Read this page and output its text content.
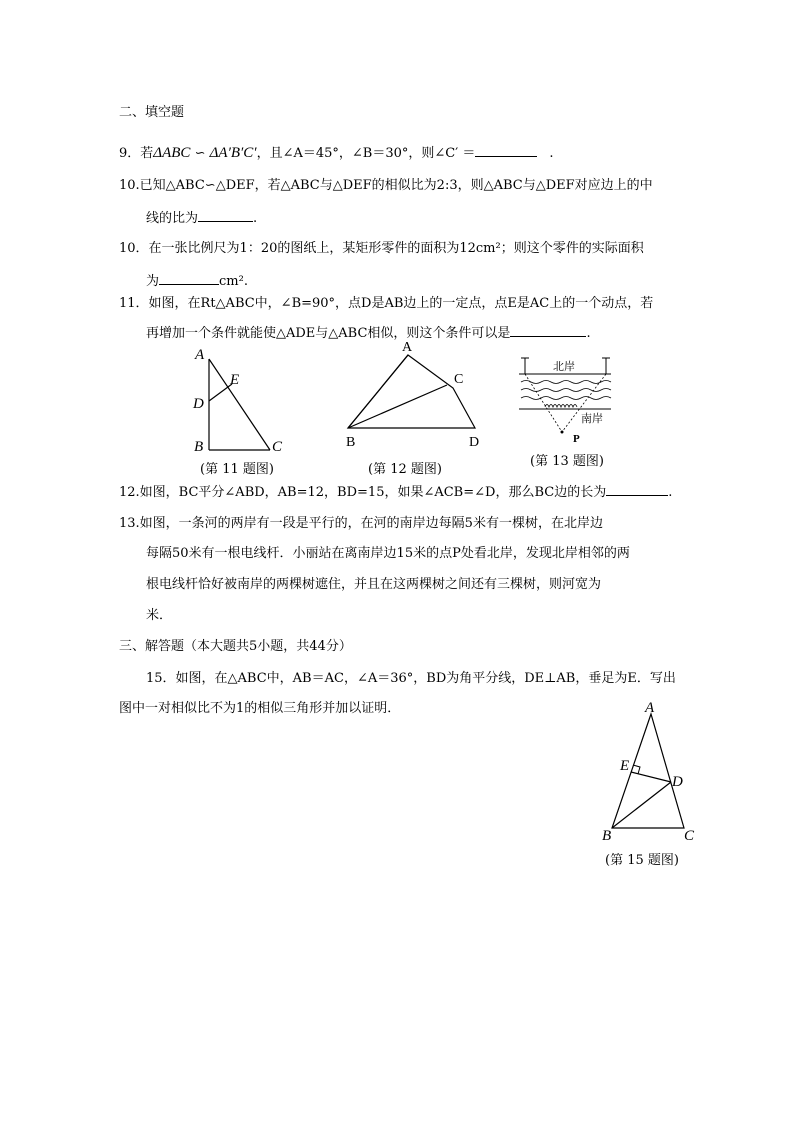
二、填空题
9．若ΔABC ∽ ΔA′B′C′，且∠A＝45°，∠B＝30°，则∠C′ ＝	.
10.已知△ABC∽△DEF，若△ABC与△DEF的相似比为2:3，则△ABC与△DEF对应边上的中
线的比为	.
10．在一张比例尺为1：20的图纸上，某矩形零件的面积为12cm²；则这个零件的实际面积
为	cm².
11．如图，在Rt△ABC中，∠B=90°，点D是AB边上的一定点，点E是AC上的一个动点，若
再增加一个条件就能使△ADE与△ABC相似，则这个条件可以是	.
A
E
D
B	C
(第 11 题图)
A
C
B	D
(第 12 题图)
北岸
南岸
P
(第 13 题图)
12.如图，BC平分∠ABD，AB=12，BD=15，如果∠ACB=∠D，那么BC边的长为	.
13.如图，一条河的两岸有一段是平行的，在河的南岸边每隔5米有一棵树，在北岸边
每隔50米有一根电线杆．小丽站在离南岸边15米的点P处看北岸，发现北岸相邻的两
根电线杆恰好被南岸的两棵树遮住，并且在这两棵树之间还有三棵树，则河宽为
米．
三、解答题（本大题共5小题，共44分）
15．如图，在△ABC中，AB＝AC，∠A＝36°，BD为角平分线，DE⊥AB，垂足为E．写出
图中一对相似比不为1的相似三角形并加以证明．	A
E
D
B	C
(第 15 题图)
